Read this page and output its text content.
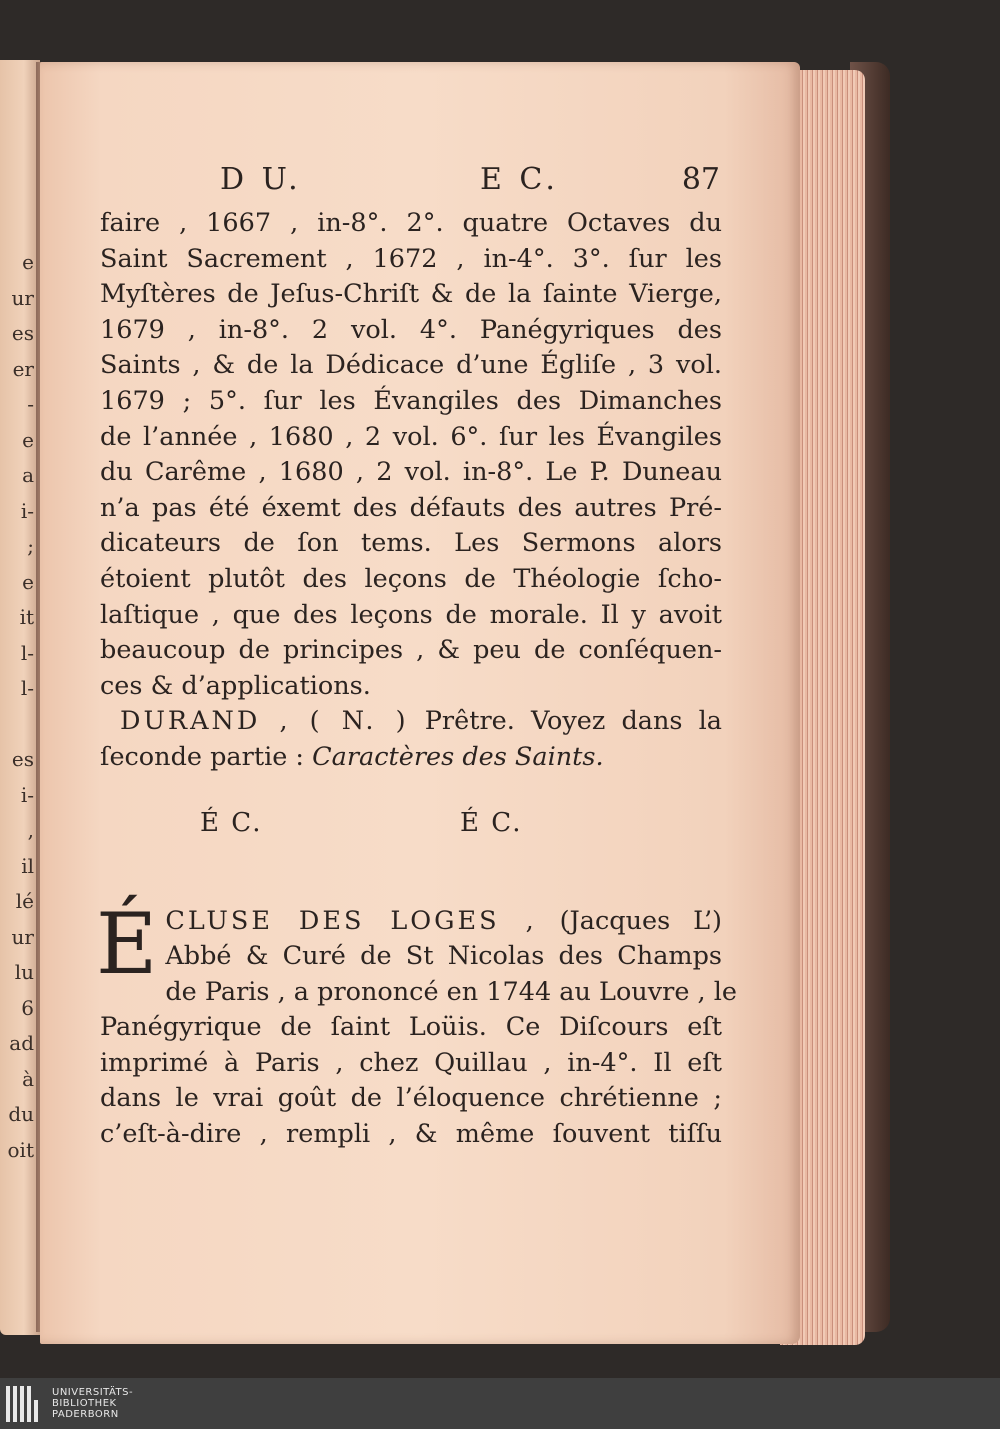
e
ur
es
er
-
e
a
i-
;
e
it
l-
l-
es
i-
,
il
lé
ur
lu
6
ad
à
du
oit
D U.	E C.	87
faire , 1667 , in-8°. 2°. quatre Octaves du
Saint Sacrement , 1672 , in-4°. 3°. ſur les
Myſtères de Jeſus-Chriſt & de la ſainte Vierge,
1679 , in-8°. 2 vol. 4°. Panégyriques des
Saints , & de la Dédicace d’une Égliſe , 3 vol.
1679 ; 5°. ſur les Évangiles des Dimanches
de l’année , 1680 , 2 vol. 6°. ſur les Évangiles
du Carême , 1680 , 2 vol. in-8°. Le P. Duneau
n’a pas été éxemt des défauts des autres Pré-
dicateurs de ſon tems. Les Sermons alors
étoient plutôt des leçons de Théologie ſcho-
laſtique , que des leçons de morale. Il y avoit
beaucoup de principes , & peu de conſéquen-
ces & d’applications.
DURAND , ( N. ) Prêtre. Voyez dans la
ſeconde partie : Caractères des Saints.
É C.	É C.
É CLUSE DES LOGES , (Jacques L’)
Abbé & Curé de St Nicolas des Champs
de Paris , a prononcé en 1744 au Louvre , le
Panégyrique de ſaint Loüis. Ce Diſcours eſt
imprimé à Paris , chez Quillau , in-4°. Il eſt
dans le vrai goût de l’éloquence chrétienne ;
c’eſt-à-dire , rempli , & même ſouvent tiſſu
UNIVERSITÄTS-
BIBLIOTHEK
PADERBORN
